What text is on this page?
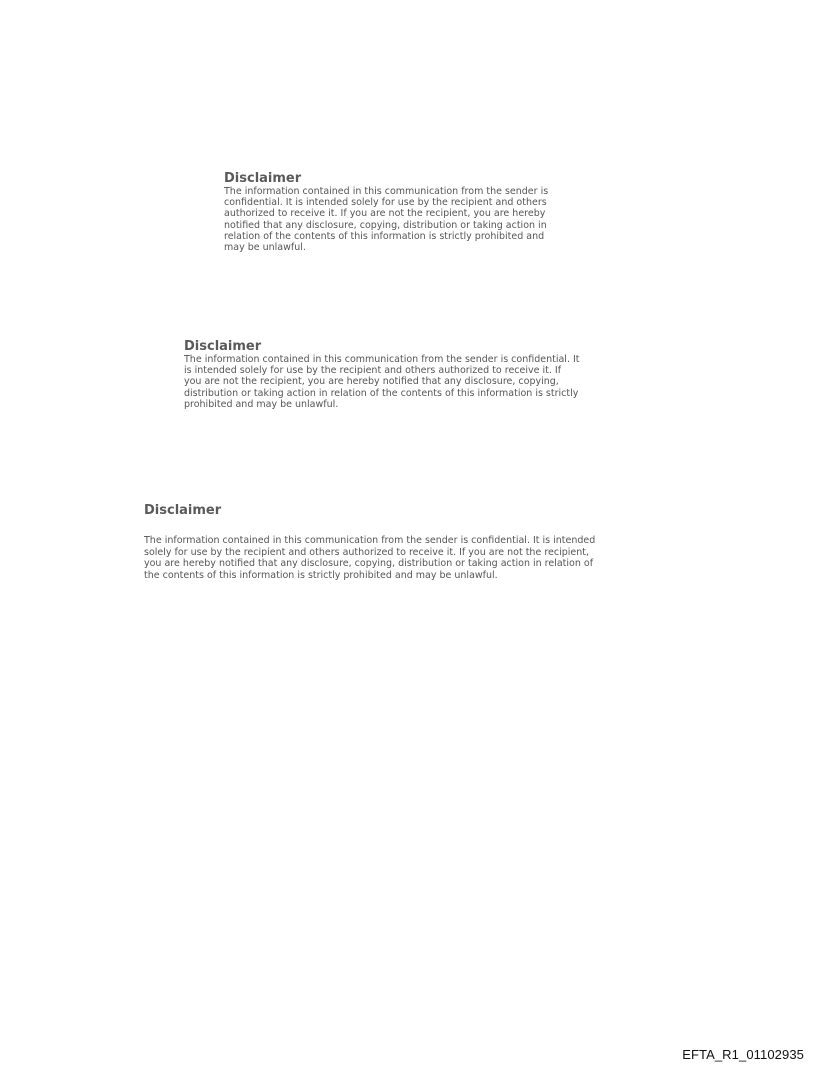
Disclaimer
The information contained in this communication from the sender is
confidential. It is intended solely for use by the recipient and others
authorized to receive it. If you are not the recipient, you are hereby
notified that any disclosure, copying, distribution or taking action in
relation of the contents of this information is strictly prohibited and
may be unlawful.
Disclaimer
The information contained in this communication from the sender is confidential. It
is intended solely for use by the recipient and others authorized to receive it. If
you are not the recipient, you are hereby notified that any disclosure, copying,
distribution or taking action in relation of the contents of this information is strictly
prohibited and may be unlawful.
Disclaimer
The information contained in this communication from the sender is confidential. It is intended
solely for use by the recipient and others authorized to receive it. If you are not the recipient,
you are hereby notified that any disclosure, copying, distribution or taking action in relation of
the contents of this information is strictly prohibited and may be unlawful.
EFTA_R1_01102935
